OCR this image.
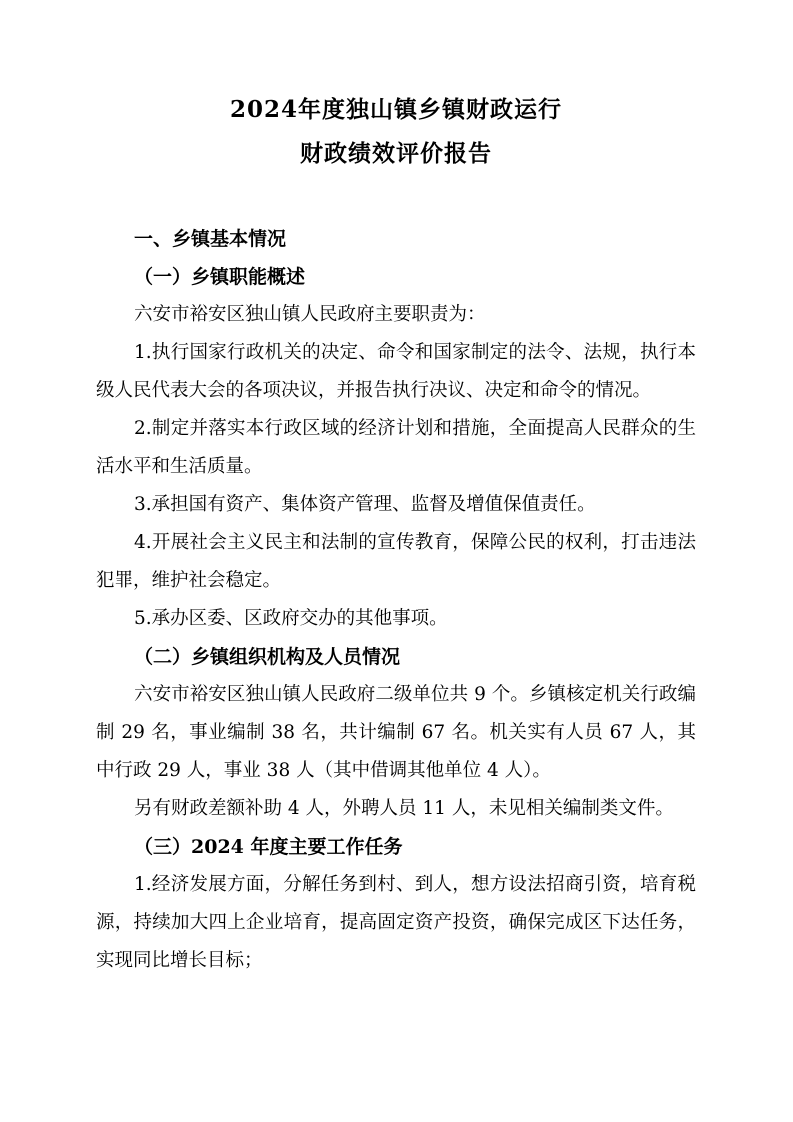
2024年度独山镇乡镇财政运行
财政绩效评价报告
一、乡镇基本情况
（一）乡镇职能概述
六安市裕安区独山镇人民政府主要职责为：
1.执行国家行政机关的决定、命令和国家制定的法令、法规，执行本级人民代表大会的各项决议，并报告执行决议、决定和命令的情况。
2.制定并落实本行政区域的经济计划和措施，全面提高人民群众的生活水平和生活质量。
3.承担国有资产、集体资产管理、监督及增值保值责任。
4.开展社会主义民主和法制的宣传教育，保障公民的权利，打击违法犯罪，维护社会稳定。
5.承办区委、区政府交办的其他事项。
（二）乡镇组织机构及人员情况
六安市裕安区独山镇人民政府二级单位共 9 个。乡镇核定机关行政编制 29 名，事业编制 38 名，共计编制 67 名。机关实有人员 67 人，其中行政 29 人，事业 38 人（其中借调其他单位 4 人）。
另有财政差额补助 4 人，外聘人员 11 人，未见相关编制类文件。
（三）2024 年度主要工作任务
1.经济发展方面，分解任务到村、到人，想方设法招商引资，培育税源，持续加大四上企业培育，提高固定资产投资，确保完成区下达任务，实现同比增长目标；
